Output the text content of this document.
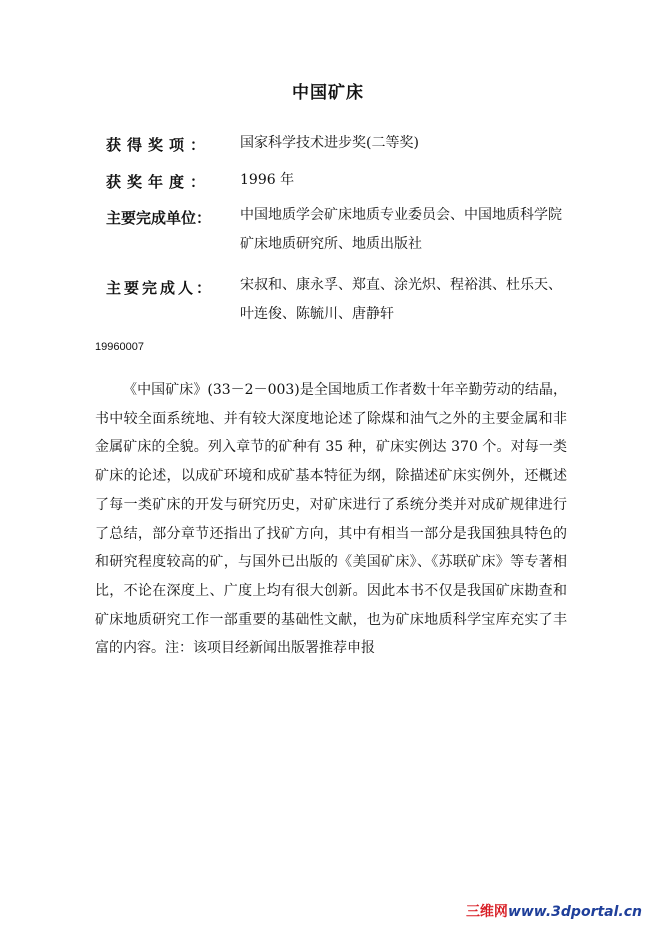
中国矿床
获得奖项：	国家科学技术进步奖(二等奖)
获奖年度：	1996 年
主要完成单位：	中国地质学会矿床地质专业委员会、中国地质科学院矿床地质研究所、地质出版社
主要完成人：	宋叔和、康永孚、郑直、涂光炽、程裕淇、杜乐天、叶连俊、陈毓川、唐静轩
19960007

《中国矿床》(33－2－003)是全国地质工作者数十年辛勤劳动的结晶，书中较全面系统地、并有较大深度地论述了除煤和油气之外的主要金属和非金属矿床的全貌。列入章节的矿种有 35 种，矿床实例达 370 个。对每一类矿床的论述，以成矿环境和成矿基本特征为纲，除描述矿床实例外，还概述了每一类矿床的开发与研究历史，对矿床进行了系统分类并对成矿规律进行了总结，部分章节还指出了找矿方向，其中有相当一部分是我国独具特色的和研究程度较高的矿，与国外已出版的《美国矿床》、《苏联矿床》等专著相比，不论在深度上、广度上均有很大创新。因此本书不仅是我国矿床勘查和矿床地质研究工作一部重要的基础性文献，也为矿床地质科学宝库充实了丰富的内容。注：该项目经新闻出版署推荐申报

三维网www.3dportal.cn
